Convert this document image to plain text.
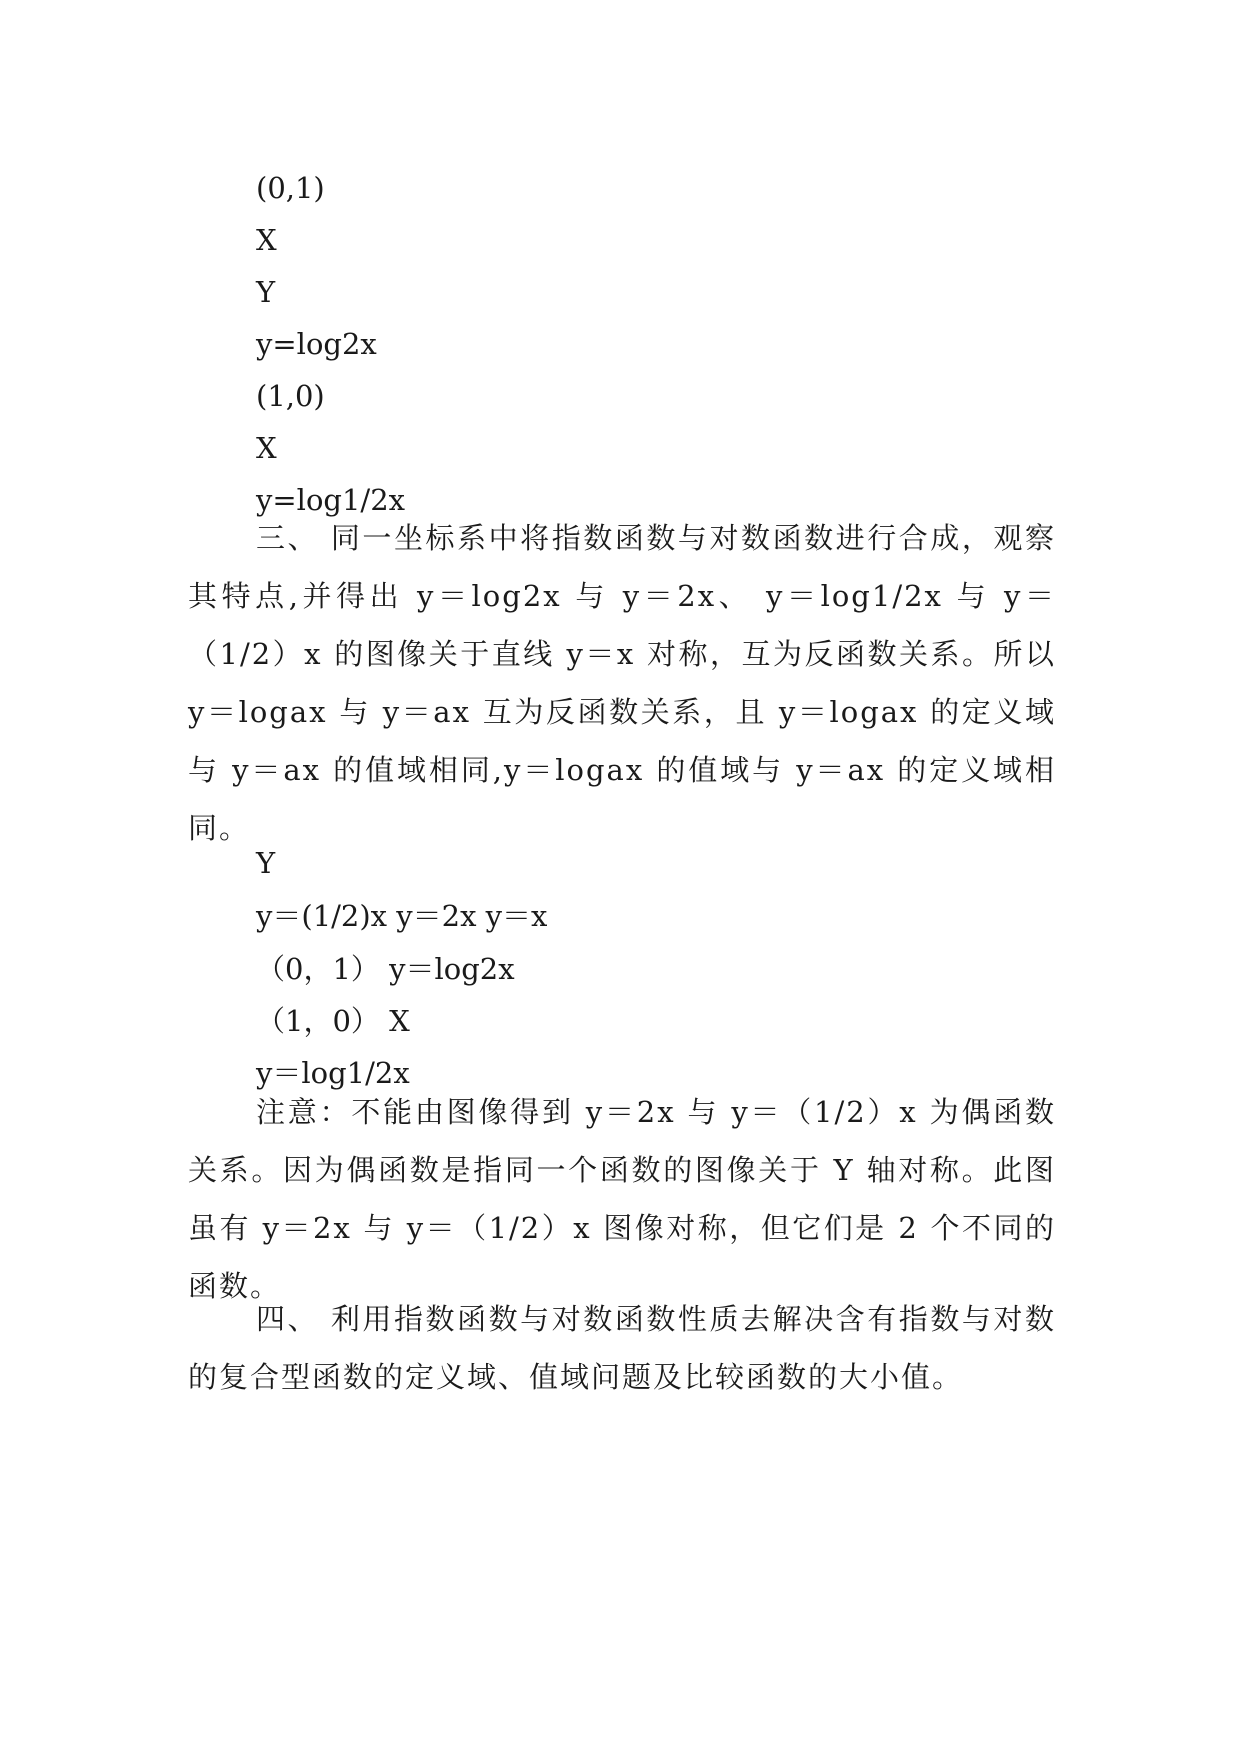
(0,1)
X
Y
y=log2x
(1,0)
X
y=log1/2x
三、 同一坐标系中将指数函数与对数函数进行合成，观察其特点,并得出 y＝log2x 与 y＝2x、 y＝log1/2x 与 y＝（1/2）x 的图像关于直线 y＝x 对称，互为反函数关系。所以 y＝logax 与 y＝ax 互为反函数关系，且 y＝logax 的定义域与 y＝ax 的值域相同,y＝logax 的值域与 y＝ax 的定义域相同。
Y
y＝(1/2)x y＝2x y＝x
（0，1） y＝log2x
（1，0） X
y＝log1/2x
注意：不能由图像得到 y＝2x 与 y＝（1/2）x 为偶函数关系。因为偶函数是指同一个函数的图像关于 Y 轴对称。此图虽有 y＝2x 与 y＝（1/2）x 图像对称，但它们是 2 个不同的函数。
四、 利用指数函数与对数函数性质去解决含有指数与对数的复合型函数的定义域、值域问题及比较函数的大小值。
